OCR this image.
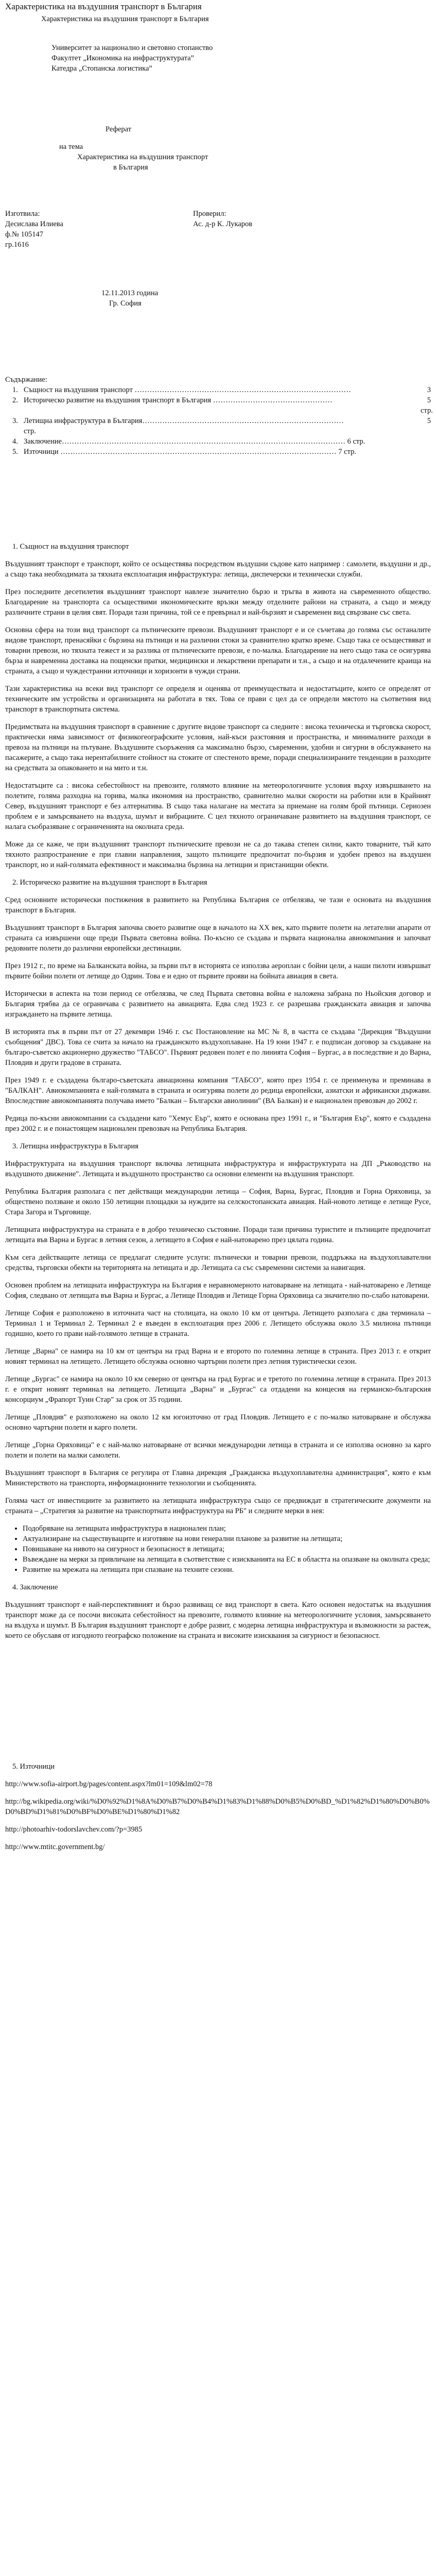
Характеристика на въздушния транспорт в България
Характеристика на въздушния транспорт в България
Университет за национално и световно стопанство
Факултет „Икономика на инфраструктурата”
Катедра „Стопанска логистика”
Реферат
на тема
Характеристика на въздушния транспорт
в България
Изготвила:
Десислава Илиева
ф.№ 105147
гр.1616
Проверил:
Ас. д-р К. Лукаров
12.11.2013 година
Гр. София
Съдържание:
1. Същност на въздушния транспорт ……………………………………………………………………………	3
2. Историческо развитие на въздушния транспорт в България …………………………………………	5 стр.
3. Летищна инфраструктура в България………………………………………………………………………	5
стр.
4. Заключение…………………………………………………………………………………………………… 6 стр.
5. Източници ………………………………………………………………………………………………… 7 стр.
1. Същност на въздушния транспорт

Въздушният транспорт е транспорт, който се осъществява посредством въздушни съдове като например : самолети, въздушни и др., а също така необходимата за тяхната експлоатация инфраструктура: летища, диспечерски и технически служби.

През последните десетилетия въздушният транспорт навлезе значително бързо и тръгва в живота на съвременното общество. Благодарение на транспорта са осъществими икономическите връзки между отделните райони на страната, а също и между различните страни в целия свят. Поради тази причина, той се е превърнал и най-бързият и съвременен вид свързване със света.

Основна сфера на този вид транспорт са пътническите превози. Въздушният транспорт е и се съчетава до голяма със останалите видове транспорт, пренасяйки с бързина на пътници и на различни стоки за сравнително кратко време. Също така се осъществяват и товарни превози, но тяхната тежест и за разлика от пътническите превози, е по-малка. Благодарение на него също така се осигурява бърза и навременна доставка на пощенски пратки, медицински и лекарствени препарати и т.н., а също и на отдалечените краища на страната, а също и чуждестранни източници и хоризонти в чужди страни.

Тази характеристика на всеки вид транспорт се определя и оценява от преимуществата и недостатъците, които се определят от техническите им устройства и организацията на работата в тях. Това се прави с цел да се определи мястото на съответния вид транспорт в транспортната система.

Предимствата на въздушния транспорт в сравнение с другите видове транспорт са следните : висока техническа и търговска скорост, практически няма зависимост от физикогеографските условия, най-къси разстояния и пространства, и минималните разходи в превоза на пътници на пътуване. Въздушните съоръжения са максимално бързо, съвременни, удобни и сигурни в обслужването на пасажерите, а също така нерентабилните стойност на стоките от спестеното време, поради специализираните тенденции в разходите на средствата за опаковането и на мито и т.н.

Недостатъците са : висока себестойност на превозите, голямото влияние на метеорологичните условия върху извършването на полетите, голяма разходна на горива, малка икономия на пространство, сравнително малки скорости на работни или в Крайният Север, въздушният транспорт е без алтернатива. В също така налагане на местата за приемане на голям брой пътници. Сериозен проблем е и замърсяването на въздуха, шумът и вибрациите. С цел тяхното ограничаване развитието на въздушния транспорт, се налага съобразяване с ограниченията на околната среда.

Може да се каже, че при въздушният транспорт пътническите превози не са до такава степен силни, както товарните, тъй като тяхното разпространение е при главни направления, защото пътниците предпочитат по-бързия и удобен превоз на въздушен транспорт, но и най-голямата ефективност и максимална бързина на летищни и пристанищни обекти.

2. Историческо развитие на въздушния транспорт в България

Сред основните исторически постижения в развитието на Република България се отбелязва, че тази е основата на въздушния транспорт в България.

Въздушният транспорт в България започва своето развитие още в началото на XX век, като първите полети на летателни апарати от страната са извършени още преди Първата световна война. По-късно се създава и първата национална авиокомпания и започват редовните полети до различни европейски дестинации.

През 1912 г., по време на Балканската война, за първи път в историята се използва аероплан с бойни цели, а наши пилоти извършват първите бойни полети от летище до Одрин. Това е и едно от първите прояви на бойната авиация в света.

Исторически в аспекта на този период се отбелязва, че след Първата световна война е наложена забрана по Ньойския договор и България трябва да се ограничава с развитието на авиацията. Едва след 1923 г. се разрешава гражданската авиация и започва изграждането на първите летища.

В историята пък в първи път от 27 декември 1946 г. със Постановление на МС № 8, в частта се създава "Дирекция "Въздушни съобщения" ДВС). Това се счита за начало на гражданското въздухоплаване. На 19 юни 1947 г. е подписан договор за създаване на българо-съветско акционерно дружество "ТАБСО". Първият редовен полет е по линията София – Бургас, а в последствие и до Варна, Пловдив и други градове в страната.

През 1949 г. е създадена българо-съветската авиационна компания "ТАБСО", която през 1954 г. се преименува и преминава в "БАЛКАН". Авиокомпанията е най-голямата в страната и осигурява полети до редица европейски, азиатски и африкански държави. Впоследствие авиокомпанията получава името "Балкан – Български авиолинии" (ВА Балкан) и е национален превозвач до 2002 г.

Редица по-късни авиокомпании са създадени като "Хемус Еър", която е основана през 1991 г., и "България Еър", която е създадена през 2002 г. и е понастоящем национален превозвач на Република България.

3. Летищна инфраструктура в България

Инфраструктурата на въздушния транспорт включва летищната инфраструктура и инфраструктурата на ДП „Ръководство на въздушното движение". Летищата и въздушното пространство са основни елементи на въздушния транспорт.

Република България разполага с пет действащи международни летища – София, Варна, Бургас, Пловдив и Горна Оряховица, за обществено ползване и около 150 летищни площадки за нуждите на селскостопанската авиация. Най-новото летище е летище Русе, Стара Загора и Търговище.

Летищната инфраструктура на страната е в добро техническо състояние. Поради тази причина туристите и пътниците предпочитат летищата във Варна и Бургас в летния сезон, а летището в София е най-натоварено през цялата година.

Към сега действащите летища се предлагат следните услуги: пътнически и товарни превози, поддръжка на въздухоплавателни средства, търговски обекти на територията на летищата и др. Летищата са със съвременни системи за навигация.

Основен проблем на летищната инфраструктура на България е неравномерното натоварване на летищата - най-натоварено е Летище София, следвано от летищата във Варна и Бургас, а Летище Пловдив и Летище Горна Оряховица са значително по-слабо натоварени.

Летище София е разположено в източната част на столицата, на около 10 км от центъра. Летището разполага с два терминала – Терминал 1 и Терминал 2. Терминал 2 е въведен в експлоатация през 2006 г. Летището обслужва около 3.5 милиона пътници годишно, което го прави най-голямото летище в страната.

Летище „Варна" се намира на 10 км от центъра на град Варна и е второто по големина летище в страната. През 2013 г. е открит новият терминал на летището. Летището обслужва основно чартърни полети през летния туристически сезон.

Летище „Бургас" се намира на около 10 км северно от центъра на град Бургас и е третото по големина летище в страната. През 2013 г. е открит новият терминал на летището. Летищата „Варна" и „Бургас" са отдадени на концесия на германско-българския консорциум „Фрапорт Туин Стар" за срок от 35 години.

Летище „Пловдив" е разположено на около 12 км югоизточно от град Пловдив. Летището е с по-малко натоварване и обслужва основно чартърни полети и карго полети.

Летище „Горна Оряховица" е с най-малко натоварване от всички международни летища в страната и се използва основно за карго полети и полети на малки самолети.

Въздушният транспорт в България се регулира от Главна дирекция „Гражданска въздухоплавателна администрация", която е към Министерството на транспорта, информационните технологии и съобщенията.

Голяма част от инвестициите за развитието на летищната инфраструктура също се предвиждат в стратегическите документи на страната – „Стратегия за развитие на транспортната инфраструктура на РБ" и следните мерки в нея:

• Подобряване на летищната инфраструктура в национален план;
• Актуализиране на съществуващите и изготвяне на нови генерални планове за развитие на летищата;
• Повишаване на нивото на сигурност и безопасност в летищата;
• Въвеждане на мерки за привличане на летищата в съответствие с изискванията на ЕС в областта на опазване на околната среда;
• Развитие на мрежата на летищата при спазване на техните сезони.
4. Заключение

Въздушният транспорт е най-перспективният и бързо развиващ се вид транспорт в света. Като основен недостатък на въздушния транспорт може да се посочи високата себестойност на превозите, голямото влияние на метеорологичните условия, замърсяването на въздуха и шумът. В България въздушният транспорт е добре развит, с модерна летищна инфраструктура и възможности за растеж, което се обуславя от изгодното географско положение на страната и високите изисквания за сигурност и безопасност.

5. Източници
http://www.sofia-airport.bg/pages/content.aspx?lm01=109&lm02=78
http://bg.wikipedia.org/wiki/%D0%92%D1%8A%D0%B7%D0%B4%D1%83%D1%88%D0%B5%D0%BD_%D1%82%D1%80%D0%B0%D0%BD%D1%81%D0%BF%D0%BE%D1%80%D1%82
http://photoarhiv-todorslavchev.com/?p=3985
http://www.mtitc.government.bg/
